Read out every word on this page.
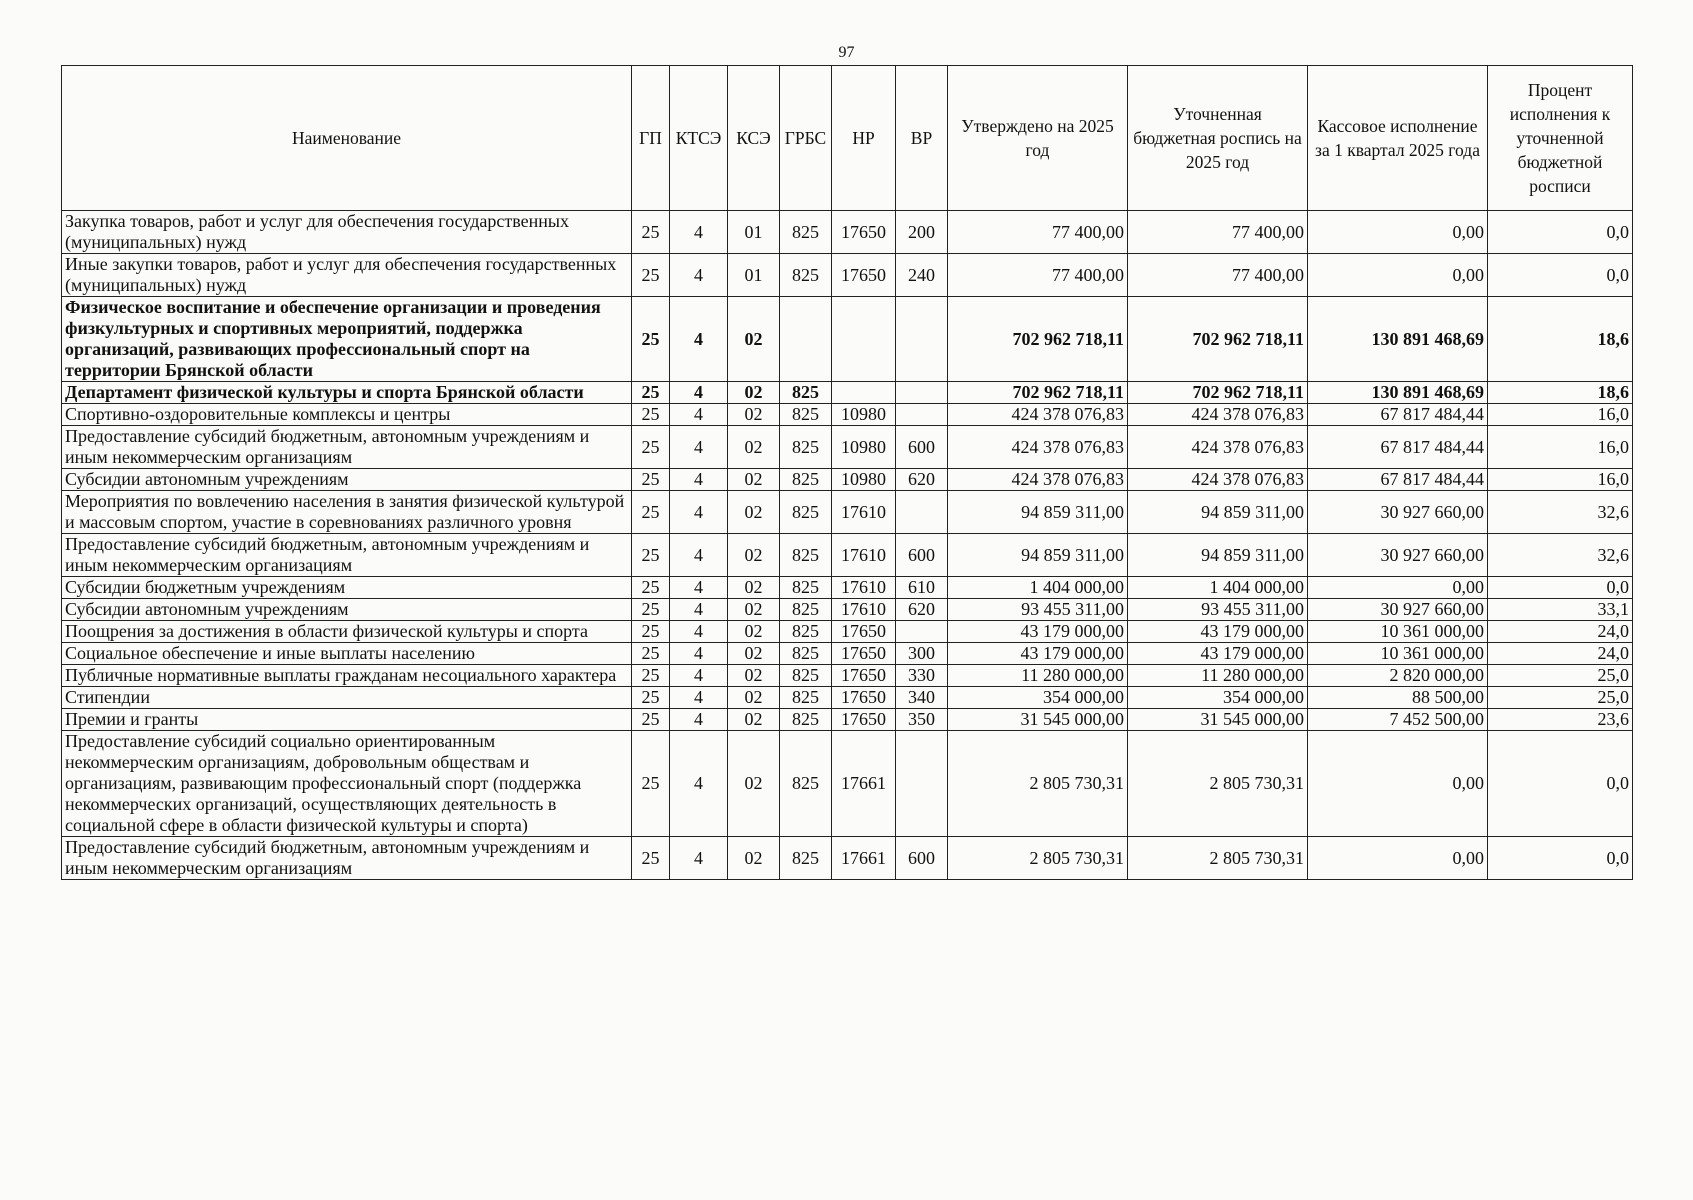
97
Наименование	ГП	КТСЭ	КСЭ	ГРБС	НР	ВР	Утверждено на 2025 год	Уточненная бюджетная роспись на 2025 год	Кассовое исполнение за 1 квартал 2025 года	Процент исполнения к уточненной бюджетной росписи
Закупка товаров, работ и услуг для обеспечения государственных (муниципальных) нужд	25	4	01	825	17650	200	77 400,00	77 400,00	0,00	0,0
Иные закупки товаров, работ и услуг для обеспечения государственных (муниципальных) нужд	25	4	01	825	17650	240	77 400,00	77 400,00	0,00	0,0
Физическое воспитание и обеспечение организации и проведения физкультурных и спортивных мероприятий, поддержка организаций, развивающих профессиональный спорт на территории Брянской области	25	4	02				702 962 718,11	702 962 718,11	130 891 468,69	18,6
Департамент физической культуры и спорта Брянской области	25	4	02	825			702 962 718,11	702 962 718,11	130 891 468,69	18,6
Спортивно-оздоровительные комплексы и центры	25	4	02	825	10980		424 378 076,83	424 378 076,83	67 817 484,44	16,0
Предоставление субсидий бюджетным, автономным учреждениям и иным некоммерческим организациям	25	4	02	825	10980	600	424 378 076,83	424 378 076,83	67 817 484,44	16,0
Субсидии автономным учреждениям	25	4	02	825	10980	620	424 378 076,83	424 378 076,83	67 817 484,44	16,0
Мероприятия по вовлечению населения в занятия физической культурой и массовым спортом, участие в соревнованиях различного уровня	25	4	02	825	17610		94 859 311,00	94 859 311,00	30 927 660,00	32,6
Предоставление субсидий бюджетным, автономным учреждениям и иным некоммерческим организациям	25	4	02	825	17610	600	94 859 311,00	94 859 311,00	30 927 660,00	32,6
Субсидии бюджетным учреждениям	25	4	02	825	17610	610	1 404 000,00	1 404 000,00	0,00	0,0
Субсидии автономным учреждениям	25	4	02	825	17610	620	93 455 311,00	93 455 311,00	30 927 660,00	33,1
Поощрения за достижения в области физической культуры и спорта	25	4	02	825	17650		43 179 000,00	43 179 000,00	10 361 000,00	24,0
Социальное обеспечение и иные выплаты населению	25	4	02	825	17650	300	43 179 000,00	43 179 000,00	10 361 000,00	24,0
Публичные нормативные выплаты гражданам несоциального характера	25	4	02	825	17650	330	11 280 000,00	11 280 000,00	2 820 000,00	25,0
Стипендии	25	4	02	825	17650	340	354 000,00	354 000,00	88 500,00	25,0
Премии и гранты	25	4	02	825	17650	350	31 545 000,00	31 545 000,00	7 452 500,00	23,6
Предоставление субсидий социально ориентированным некоммерческим организациям, добровольным обществам и организациям, развивающим профессиональный спорт (поддержка некоммерческих организаций, осуществляющих деятельность в социальной сфере в области физической культуры и спорта)	25	4	02	825	17661		2 805 730,31	2 805 730,31	0,00	0,0
Предоставление субсидий бюджетным, автономным учреждениям и иным некоммерческим организациям	25	4	02	825	17661	600	2 805 730,31	2 805 730,31	0,00	0,0
